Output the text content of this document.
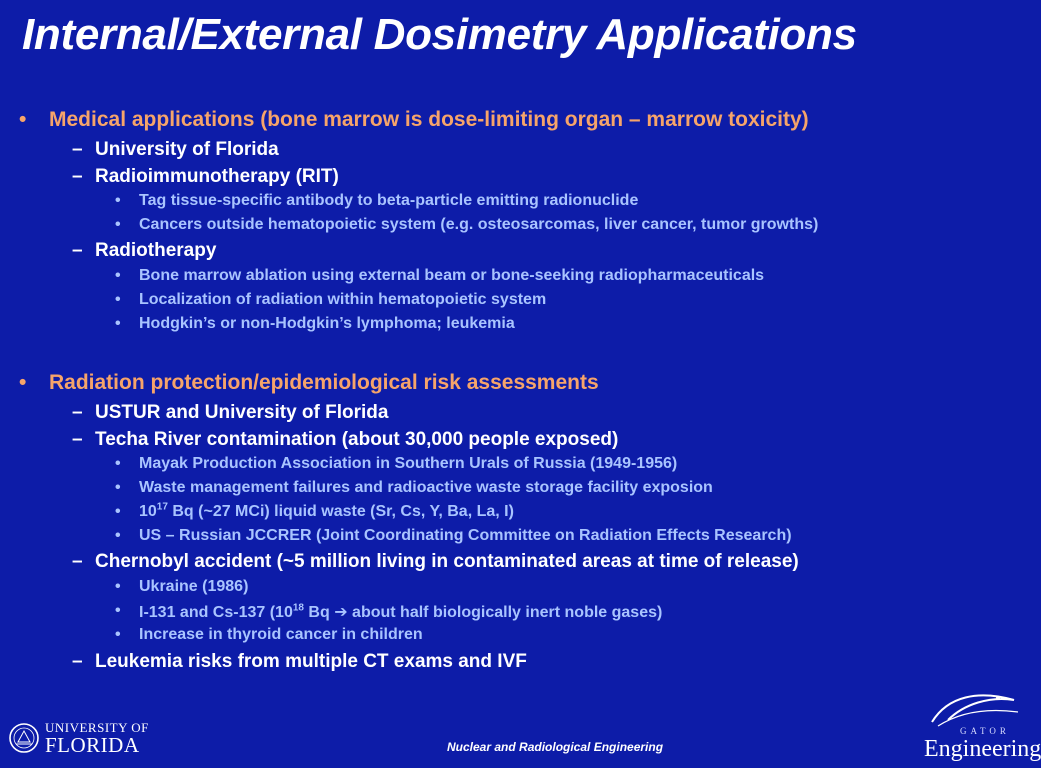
Internal/External Dosimetry Applications
• Medical applications (bone marrow is dose-limiting organ – marrow toxicity)
– University of Florida
– Radioimmunotherapy (RIT)
• Tag tissue-specific antibody to beta-particle emitting radionuclide
• Cancers outside hematopoietic system (e.g. osteosarcomas, liver cancer, tumor growths)
– Radiotherapy
• Bone marrow ablation using external beam or bone-seeking radiopharmaceuticals
• Localization of radiation within hematopoietic system
• Hodgkin’s or non-Hodgkin’s lymphoma; leukemia
• Radiation protection/epidemiological risk assessments
– USTUR and University of Florida
– Techa River contamination (about 30,000 people exposed)
• Mayak Production Association in Southern Urals of Russia (1949-1956)
• Waste management failures and radioactive waste storage facility exposion
• $10^{17}$ Bq (~27 MCi) liquid waste (Sr, Cs, Y, Ba, La, I)
• US – Russian JCCRER (Joint Coordinating Committee on Radiation Effects Research)
– Chernobyl accident (~5 million living in contaminated areas at time of release)
• Ukraine (1986)
• I-131 and Cs-137 ($10^{18}$ Bq ➔ about half biologically inert noble gases)
• Increase in thyroid cancer in children
– Leukemia risks from multiple CT exams and IVF
UNIVERSITY OF
FLORIDA	Nuclear and Radiological Engineering
GATOR
Engineering
